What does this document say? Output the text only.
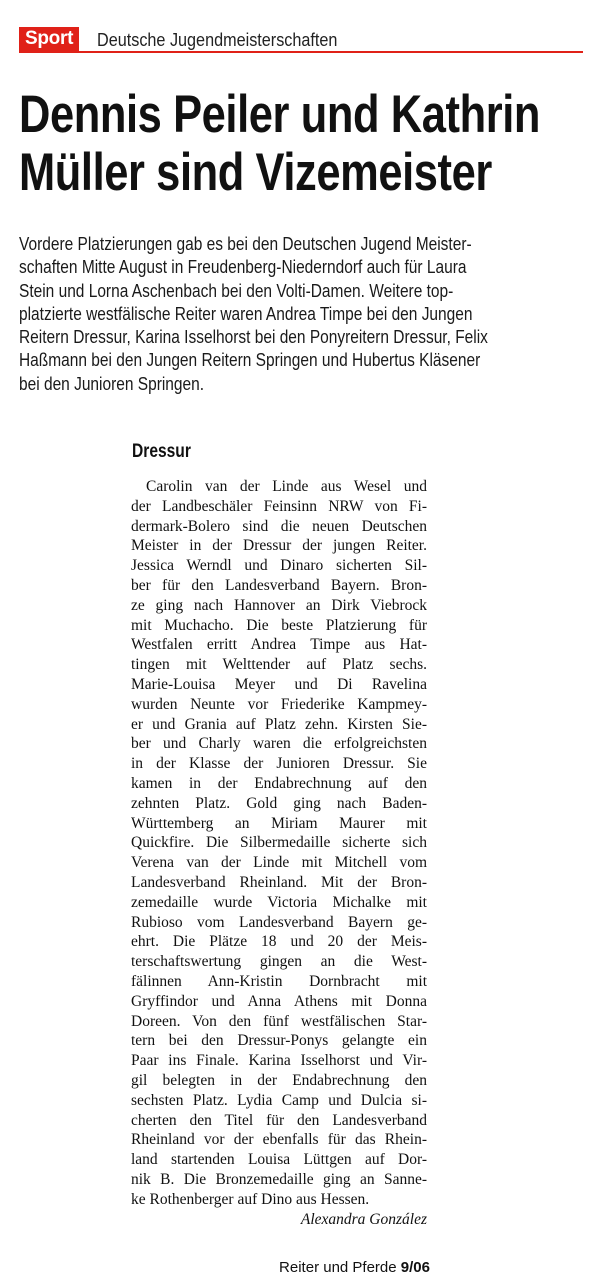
Sport	Deutsche Jugendmeisterschaften
Dennis Peiler und Kathrin
Müller sind Vizemeister
Vordere Platzierungen gab es bei den Deutschen Jugend Meister-
schaften Mitte August in Freudenberg-Niederndorf auch für Laura
Stein und Lorna Aschenbach bei den Volti-Damen. Weitere top-
platzierte westfälische Reiter waren Andrea Timpe bei den Jungen
Reitern Dressur, Karina Isselhorst bei den Ponyreitern Dressur, Felix
Haßmann bei den Jungen Reitern Springen und Hubertus Kläsener
bei den Junioren Springen.
Dressur
Carolin van der Linde aus Wesel und
der Landbeschäler Feinsinn NRW von Fi-
dermark-Bolero sind die neuen Deutschen
Meister in der Dressur der jungen Reiter.
Jessica Werndl und Dinaro sicherten Sil-
ber für den Landesverband Bayern. Bron-
ze ging nach Hannover an Dirk Viebrock
mit Muchacho. Die beste Platzierung für
Westfalen erritt Andrea Timpe aus Hat-
tingen mit Welttender auf Platz sechs.
Marie-Louisa Meyer und Di Ravelina
wurden Neunte vor Friederike Kampmey-
er und Grania auf Platz zehn. Kirsten Sie-
ber und Charly waren die erfolgreichsten
in der Klasse der Junioren Dressur. Sie
kamen in der Endabrechnung auf den
zehnten Platz. Gold ging nach Baden-
Württemberg an Miriam Maurer mit
Quickfire. Die Silbermedaille sicherte sich
Verena van der Linde mit Mitchell vom
Landesverband Rheinland. Mit der Bron-
zemedaille wurde Victoria Michalke mit
Rubioso vom Landesverband Bayern ge-
ehrt. Die Plätze 18 und 20 der Meis-
terschaftswertung gingen an die West-
fälinnen Ann-Kristin Dornbracht mit
Gryffindor und Anna Athens mit Donna
Doreen. Von den fünf westfälischen Star-
tern bei den Dressur-Ponys gelangte ein
Paar ins Finale. Karina Isselhorst und Vir-
gil belegten in der Endabrechnung den
sechsten Platz. Lydia Camp und Dulcia si-
cherten den Titel für den Landesverband
Rheinland vor der ebenfalls für das Rhein-
land startenden Louisa Lüttgen auf Dor-
nik B. Die Bronzemedaille ging an Sanne-
ke Rothenberger auf Dino aus Hessen.
Alexandra González
Reiter und Pferde 9/06
